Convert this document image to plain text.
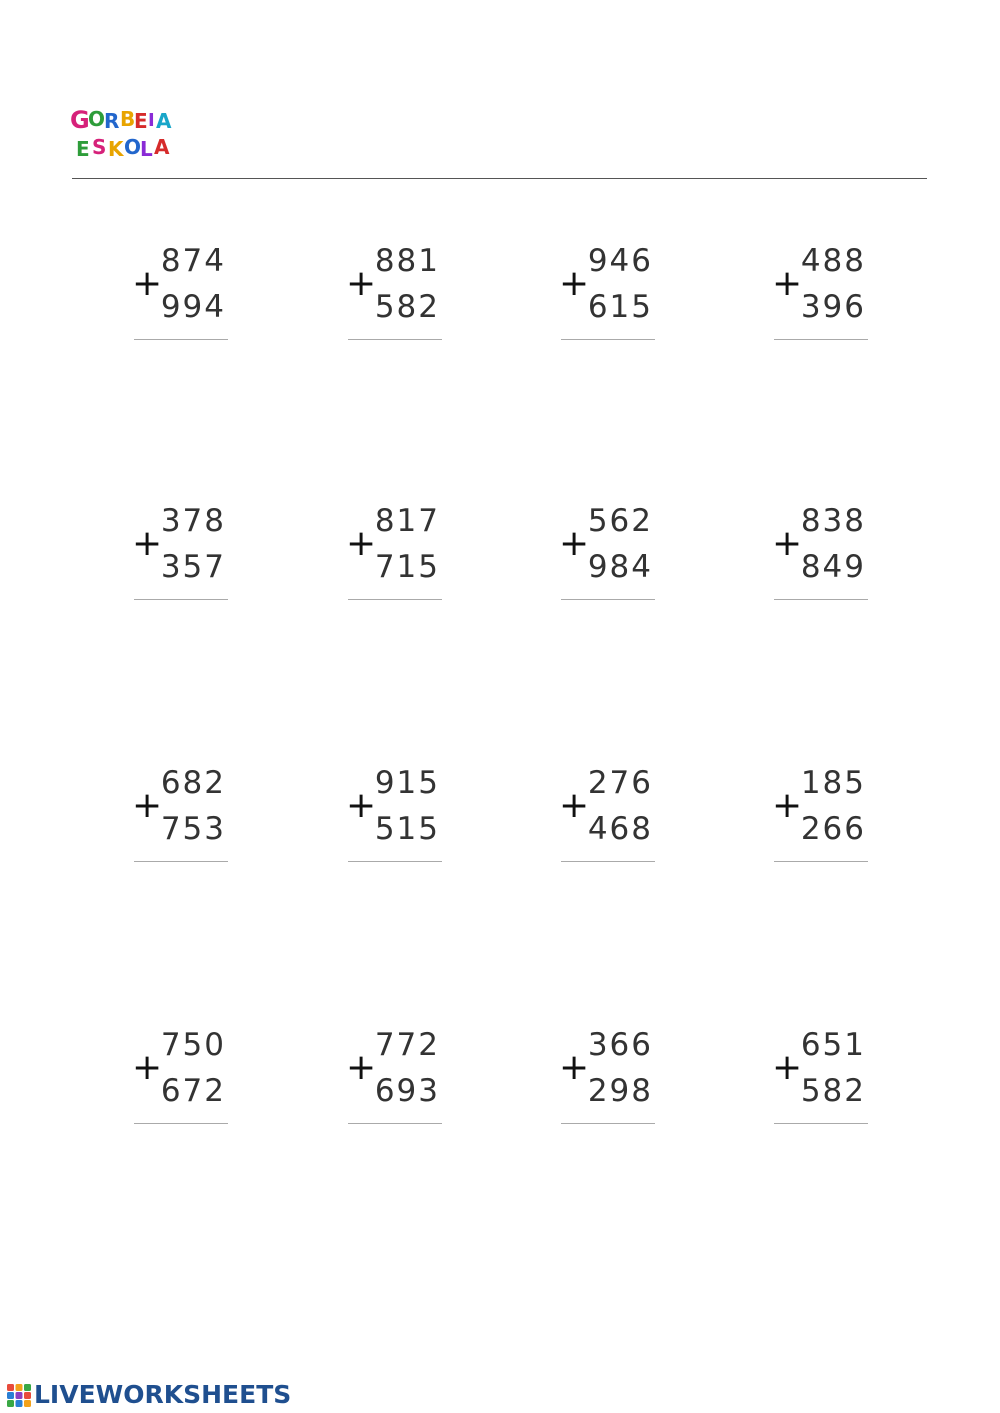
G
O
R B
E I A
E S K O
L A
+
874
994
+
881
582
+
946
615
+
488
396
+
378
357
+
817
715
+
562
984
+
838
849
+
682
753
+
915
515
+
276
468
+
185
266
+
750
672
+
772
693
+
366
298
+
651
582
LIVEWORKSHEETS
